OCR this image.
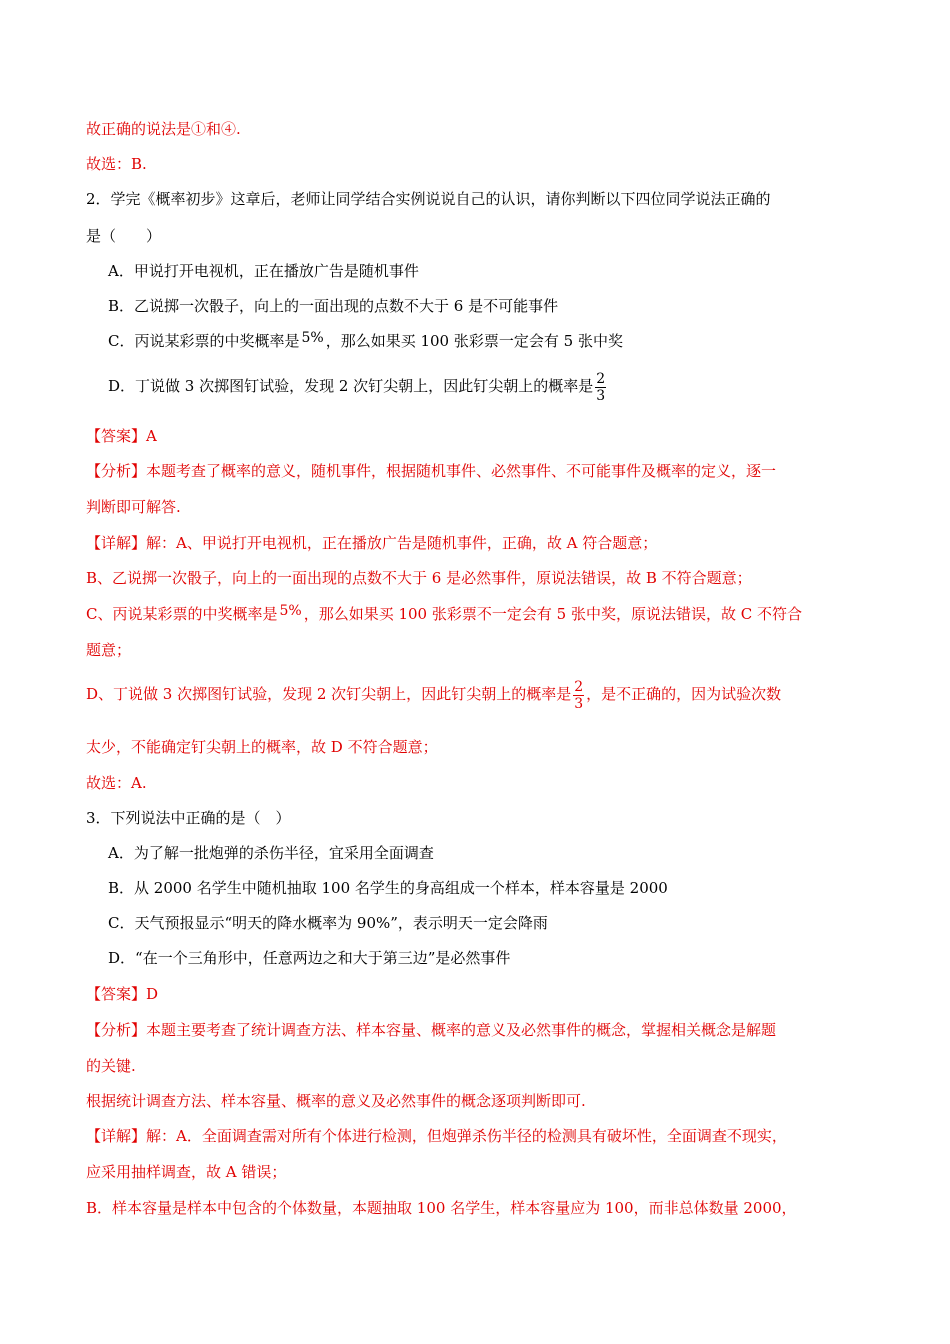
故正确的说法是①和④.
故选：B.
2．学完《概率初步》这章后，老师让同学结合实例说说自己的认识，请你判断以下四位同学说法正确的
是（　　）
A．甲说打开电视机，正在播放广告是随机事件
B．乙说掷一次骰子，向上的一面出现的点数不大于 6 是不可能事件
C．丙说某彩票的中奖概率是 5% ，那么如果买 100 张彩票一定会有 5 张中奖
D．丁说做 3 次掷图钉试验，发现 2 次钉尖朝上，因此钉尖朝上的概率是 $\frac{2}{3}$
【答案】A
【分析】本题考查了概率的意义，随机事件，根据随机事件、必然事件、不可能事件及概率的定义，逐一
判断即可解答.
【详解】解：A、甲说打开电视机，正在播放广告是随机事件，正确，故 A 符合题意；
B、乙说掷一次骰子，向上的一面出现的点数不大于 6 是必然事件，原说法错误，故 B 不符合题意；
C、丙说某彩票的中奖概率是 5% ，那么如果买 100 张彩票不一定会有 5 张中奖，原说法错误，故 C 不符合
题意；
D、丁说做 3 次掷图钉试验，发现 2 次钉尖朝上，因此钉尖朝上的概率是 $\frac{2}{3}$ ，是不正确的，因为试验次数
太少，不能确定钉尖朝上的概率，故 D 不符合题意；
故选：A.
3．下列说法中正确的是（　）
A．为了解一批炮弹的杀伤半径，宜采用全面调查
B．从 2000 名学生中随机抽取 100 名学生的身高组成一个样本，样本容量是 2000
C．天气预报显示“明天的降水概率为 90%”，表示明天一定会降雨
D．“在一个三角形中，任意两边之和大于第三边”是必然事件
【答案】D
【分析】本题主要考查了统计调查方法、样本容量、概率的意义及必然事件的概念，掌握相关概念是解题
的关键.
根据统计调查方法、样本容量、概率的意义及必然事件的概念逐项判断即可.
【详解】解：A．全面调查需对所有个体进行检测，但炮弹杀伤半径的检测具有破坏性，全面调查不现实，
应采用抽样调查，故 A 错误；
B．样本容量是样本中包含的个体数量，本题抽取 100 名学生，样本容量应为 100，而非总体数量 2000，
